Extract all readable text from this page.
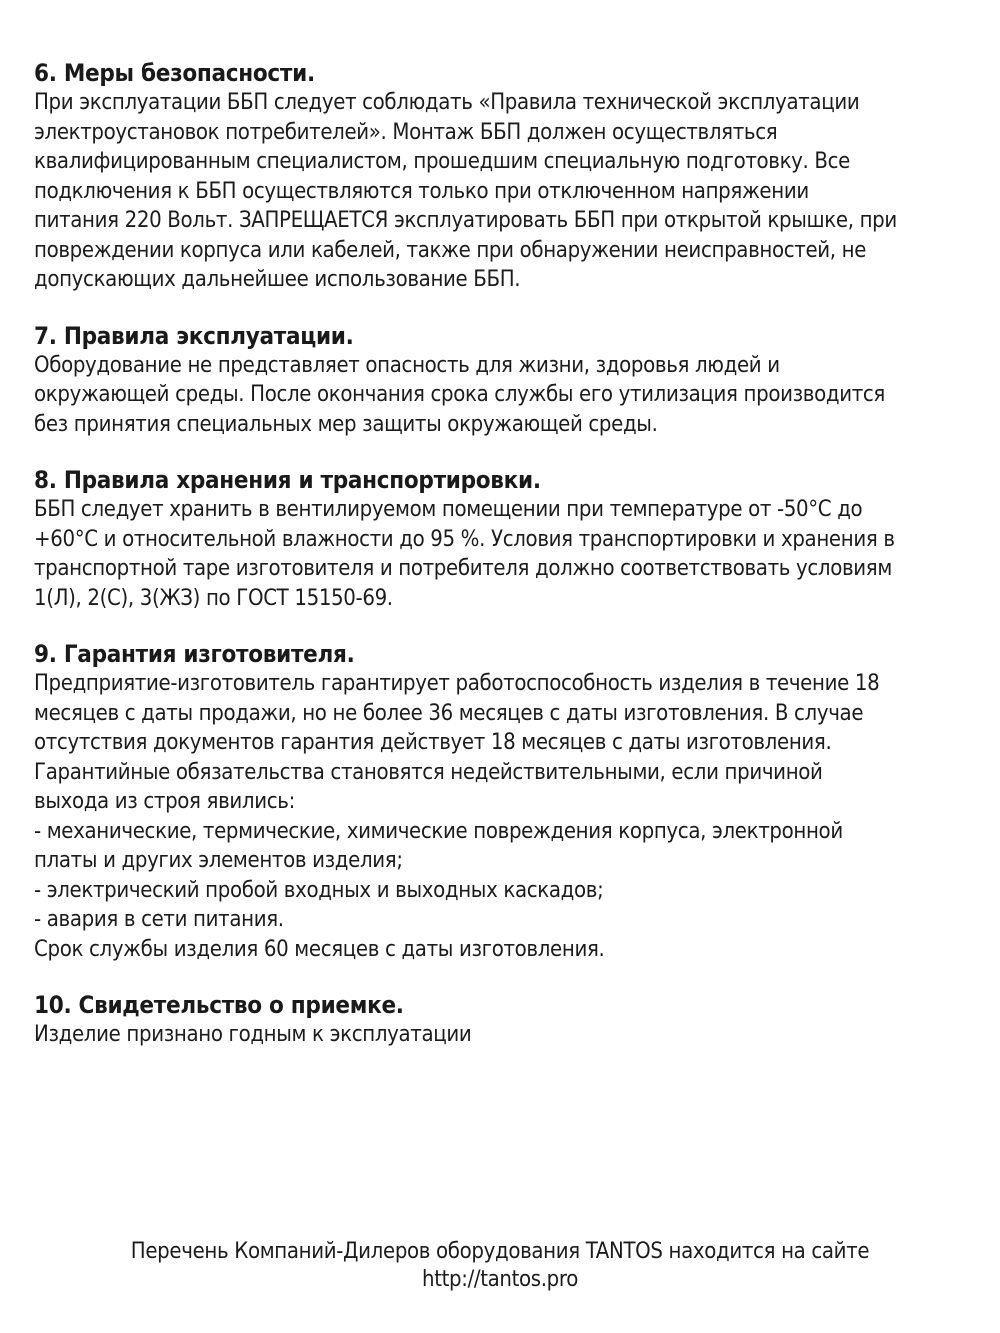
6. Меры безопасности.

При эксплуатации ББП следует соблюдать «Правила технической эксплуатации
электроустановок потребителей». Монтаж ББП должен осуществляться
квалифицированным специалистом, прошедшим специальную подготовку. Все
подключения к ББП осуществляются только при отключенном напряжении
питания 220 Вольт. ЗАПРЕЩАЕТСЯ эксплуатировать ББП при открытой крышке, при
повреждении корпуса или кабелей, также при обнаружении неисправностей, не
допускающих дальнейшее использование ББП.

7. Правила эксплуатации.

Оборудование не представляет опасность для жизни, здоровья людей и
окружающей среды. После окончания срока службы его утилизация производится
без принятия специальных мер защиты окружающей среды.

8. Правила хранения и транспортировки.

ББП следует хранить в вентилируемом помещении при температуре от -50°С до
+60°С и относительной влажности до 95 %. Условия транспортировки и хранения в
транспортной таре изготовителя и потребителя должно соответствовать условиям
1(Л), 2(С), 3(ЖЗ) по ГОСТ 15150-69.

9. Гарантия изготовителя.

Предприятие-изготовитель гарантирует работоспособность изделия в течение 18
месяцев с даты продажи, но не более 36 месяцев с даты изготовления. В случае
отсутствия документов гарантия действует 18 месяцев с даты изготовления.
Гарантийные обязательства становятся недействительными, если причиной
выхода из строя явились:
- механические, термические, химические повреждения корпуса, электронной
платы и других элементов изделия;
- электрический пробой входных и выходных каскадов;
- авария в сети питания.
Срок службы изделия 60 месяцев с даты изготовления.

10. Свидетельство о приемке.

Изделие признано годным к эксплуатации

Перечень Компаний-Дилеров оборудования TANTOS находится на сайте
http://tantos.pro
